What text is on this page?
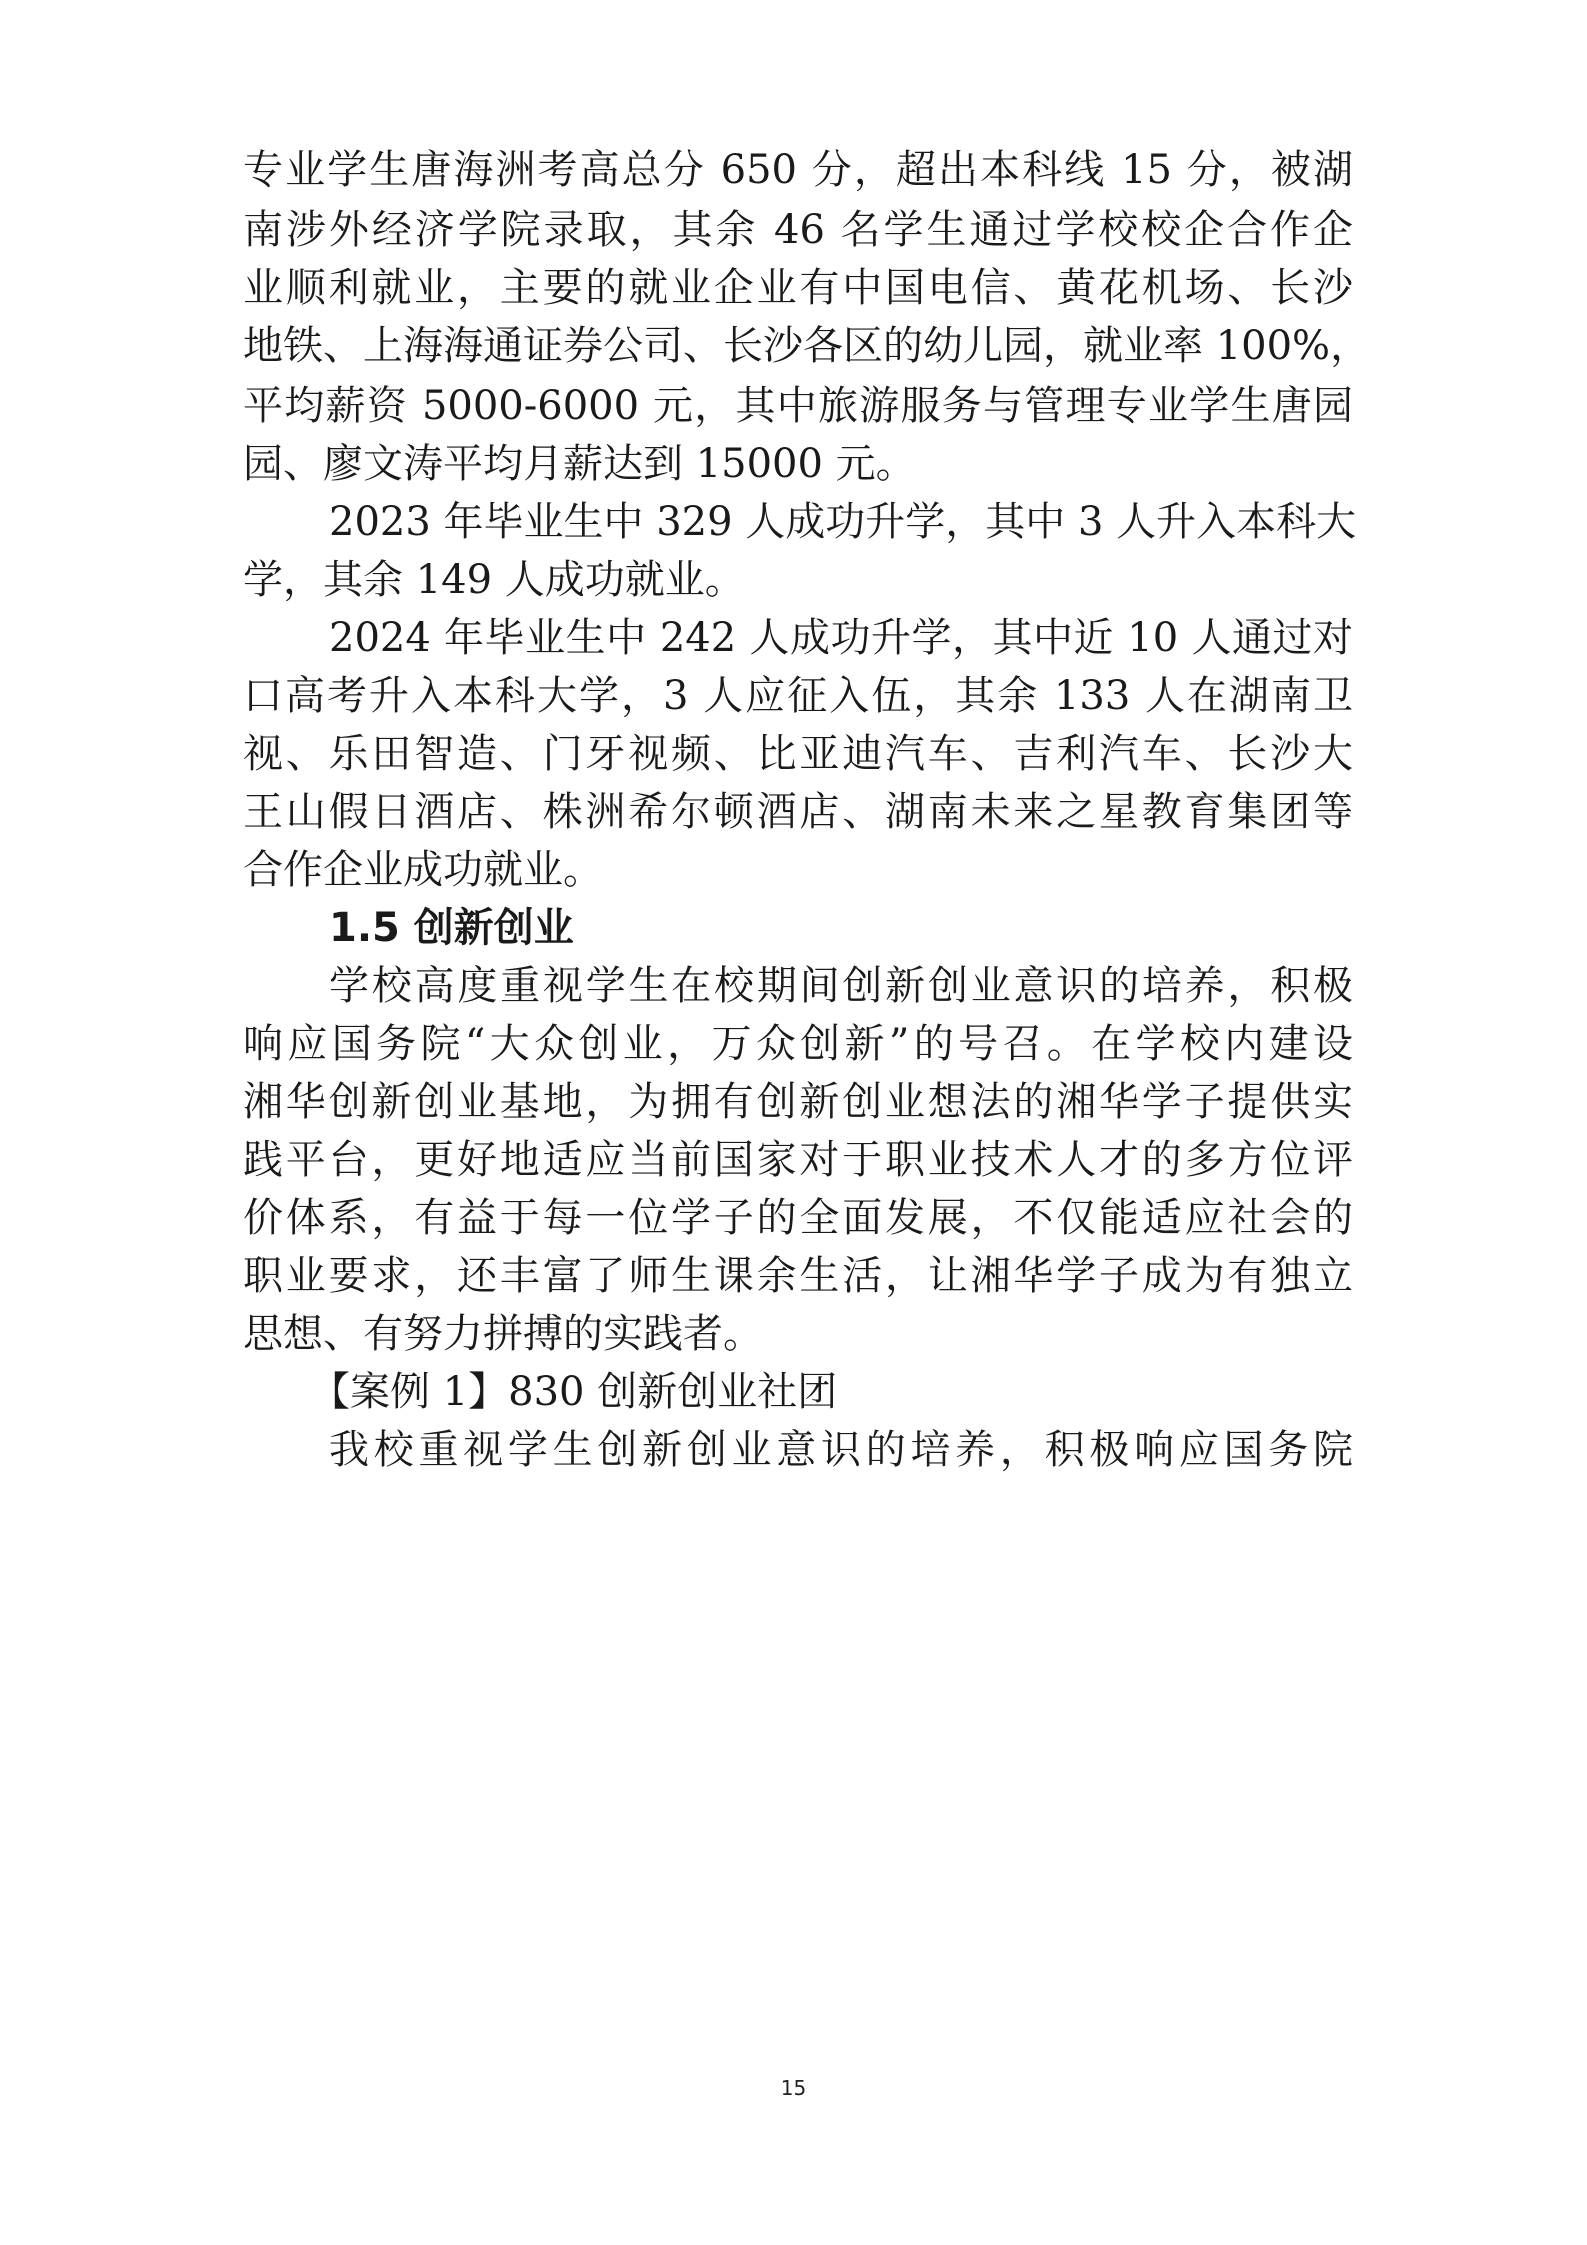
专业学生唐海洲考高总分 650 分，超出本科线 15 分，被湖
南涉外经济学院录取，其余 46 名学生通过学校校企合作企
业顺利就业，主要的就业企业有中国电信、黄花机场、长沙
地铁、上海海通证券公司、长沙各区的幼儿园，就业率 100%，
平均薪资 5000-6000 元，其中旅游服务与管理专业学生唐园
园、廖文涛平均月薪达到 15000 元。
2023 年毕业生中 329 人成功升学，其中 3 人升入本科大
学，其余 149 人成功就业。
2024 年毕业生中 242 人成功升学，其中近 10 人通过对
口高考升入本科大学，3 人应征入伍，其余 133 人在湖南卫
视、乐田智造、门牙视频、比亚迪汽车、吉利汽车、长沙大
王山假日酒店、株洲希尔顿酒店、湖南未来之星教育集团等
合作企业成功就业。
1.5 创新创业
学校高度重视学生在校期间创新创业意识的培养，积极
响应国务院“大众创业，万众创新”的号召。在学校内建设
湘华创新创业基地，为拥有创新创业想法的湘华学子提供实
践平台，更好地适应当前国家对于职业技术人才的多方位评
价体系，有益于每一位学子的全面发展，不仅能适应社会的
职业要求，还丰富了师生课余生活，让湘华学子成为有独立
思想、有努力拼搏的实践者。
【案例 1】830 创新创业社团
我校重视学生创新创业意识的培养，积极响应国务院
15
